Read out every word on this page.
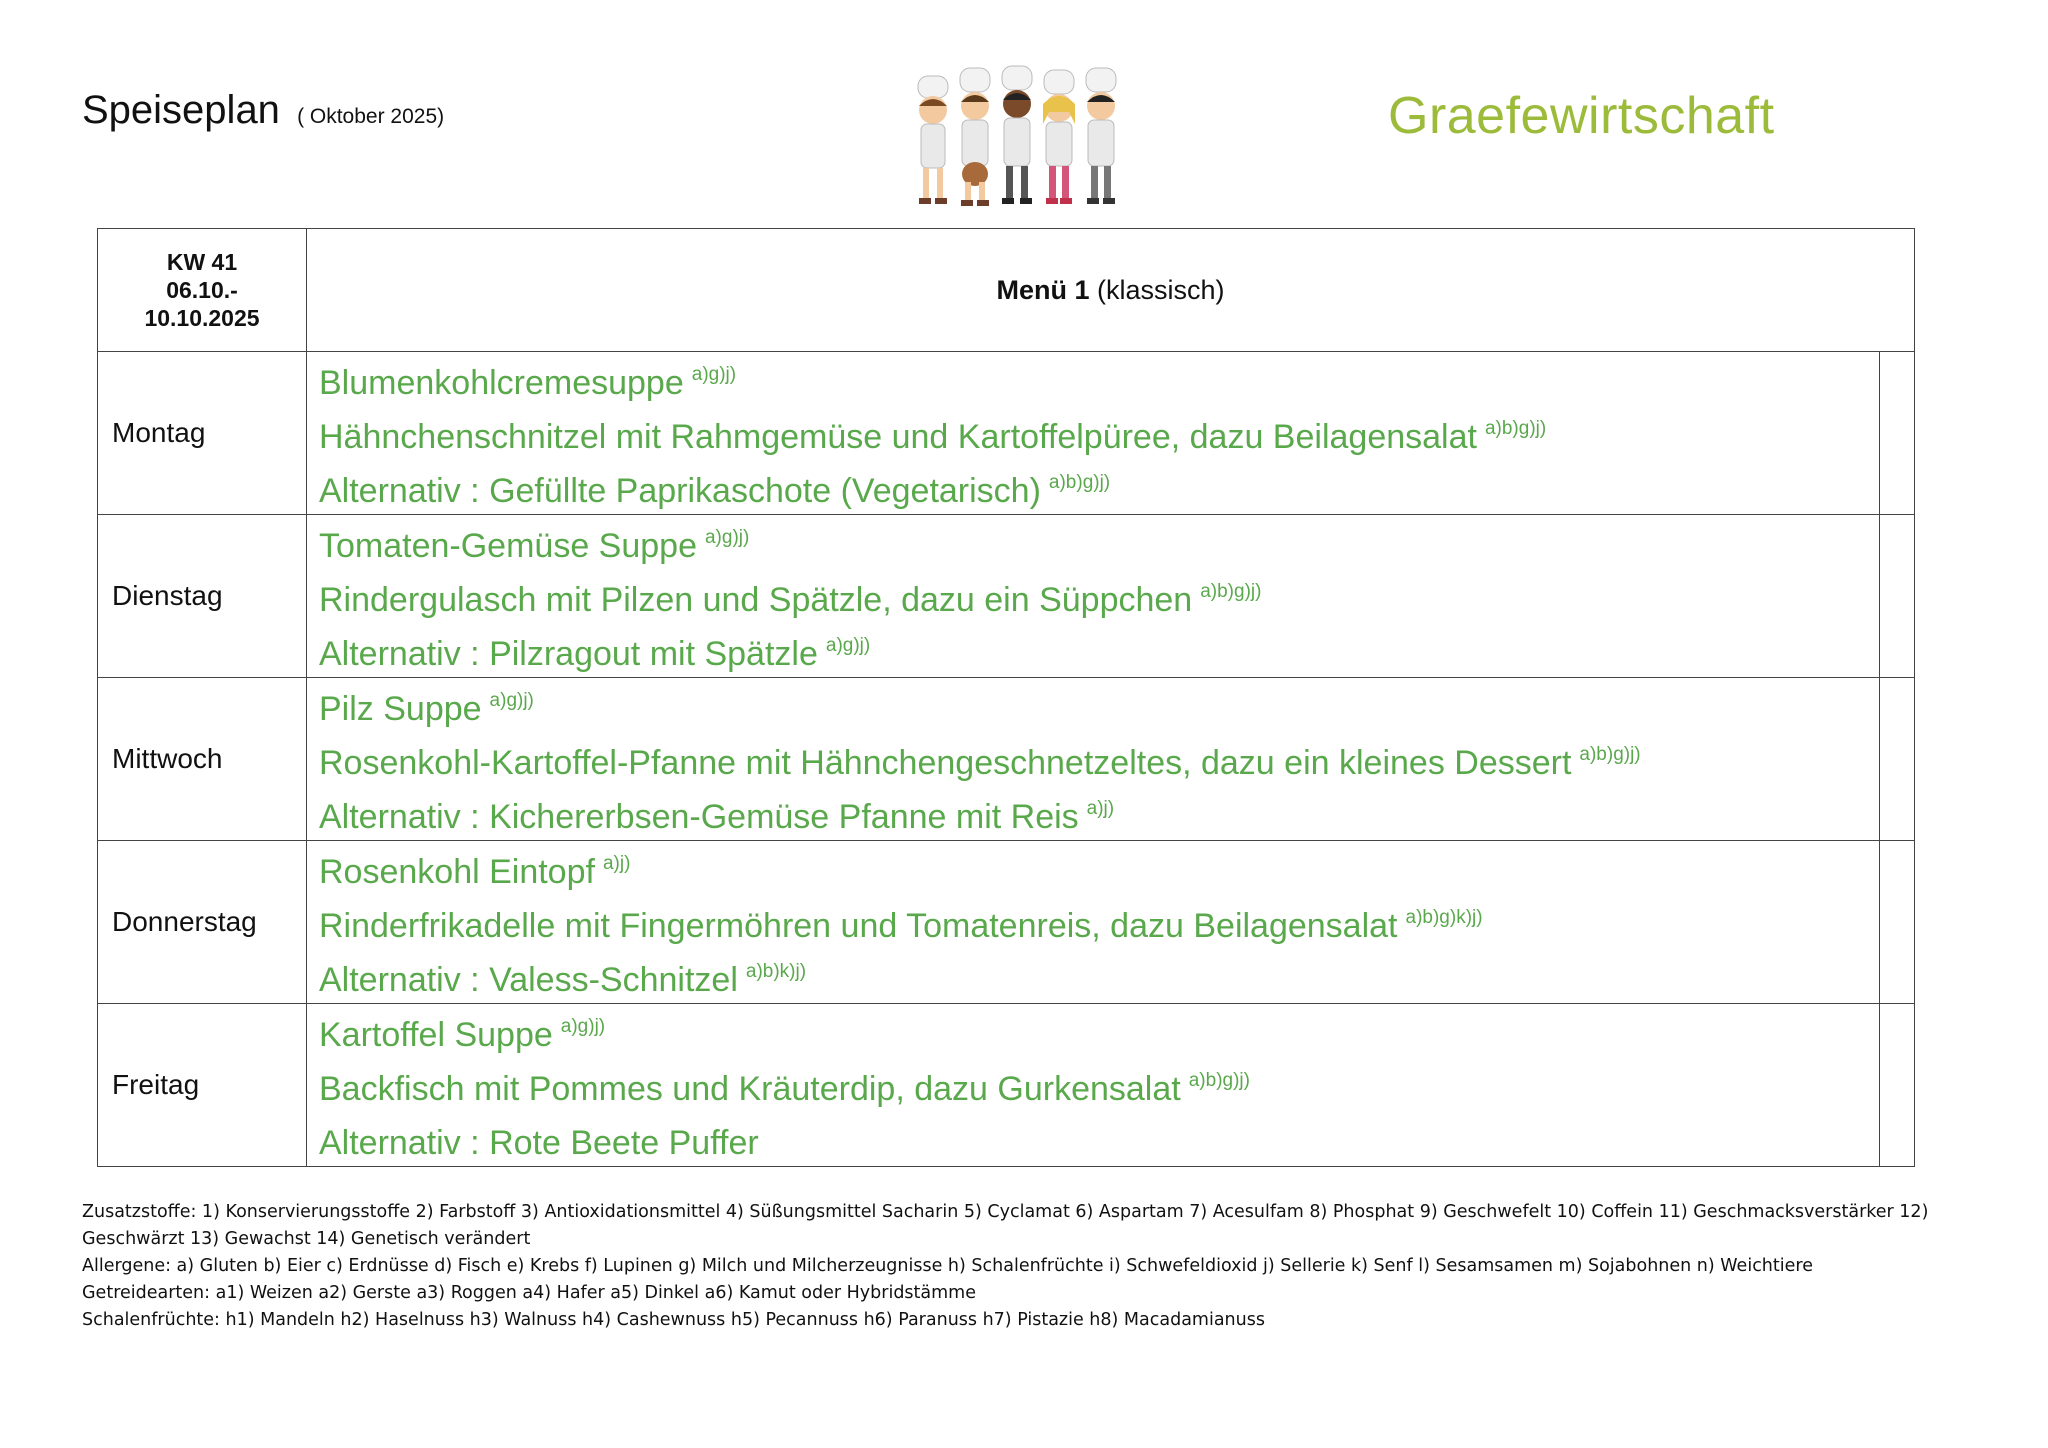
Speiseplan ( Oktober 2025)	Graefewirtschaft
KW 41
06.10.-
10.10.2025	Menü 1 (klassisch)	
Montag	Blumenkohlcremesuppe $^{a)g)j)}$
Hähnchenschnitzel mit Rahmgemüse und Kartoffelpüree, dazu Beilagensalat $^{a)b)g)j)}$
Alternativ : Gefüllte Paprikaschote (Vegetarisch) $^{a)b)g)j)}$

Dienstag	Tomaten-Gemüse Suppe $^{a)g)j)}$
Rindergulasch mit Pilzen und Spätzle, dazu ein Süppchen $^{a)b)g)j)}$
Alternativ : Pilzragout mit Spätzle $^{a)g)j)}$

Mittwoch	Pilz Suppe $^{a)g)j)}$
Rosenkohl-Kartoffel-Pfanne mit Hähnchengeschnetzeltes, dazu ein kleines Dessert $^{a)b)g)j)}$
Alternativ : Kichererbsen-Gemüse Pfanne mit Reis $^{a)j)}$

Donnerstag	Rosenkohl Eintopf $^{a)j)}$
Rinderfrikadelle mit Fingermöhren und Tomatenreis, dazu Beilagensalat $^{a)b)g)k)j)}$
Alternativ : Valess-Schnitzel $^{a)b)k)j)}$

Freitag	Kartoffel Suppe $^{a)g)j)}$
Backfisch mit Pommes und Kräuterdip, dazu Gurkensalat $^{a)b)g)j)}$
Alternativ : Rote Beete Puffer	

Zusatzstoffe: 1) Konservierungsstoffe 2) Farbstoff 3) Antioxidationsmittel 4) Süßungsmittel Sacharin 5) Cyclamat 6) Aspartam 7) Acesulfam 8) Phosphat 9) Geschwefelt 10) Coffein 11) Geschmacksverstärker 12) Geschwärzt 13) Gewachst 14) Genetisch verändert

Allergene: a) Gluten b) Eier c) Erdnüsse d) Fisch e) Krebs f) Lupinen g) Milch und Milcherzeugnisse h) Schalenfrüchte i) Schwefeldioxid j) Sellerie k) Senf l) Sesamsamen m) Sojabohnen n) Weichtiere

Getreidearten: a1) Weizen a2) Gerste a3) Roggen a4) Hafer a5) Dinkel a6) Kamut oder Hybridstämme

Schalenfrüchte: h1) Mandeln h2) Haselnuss h3) Walnuss h4) Cashewnuss h5) Pecannuss h6) Paranuss h7) Pistazie h8) Macadamianuss
